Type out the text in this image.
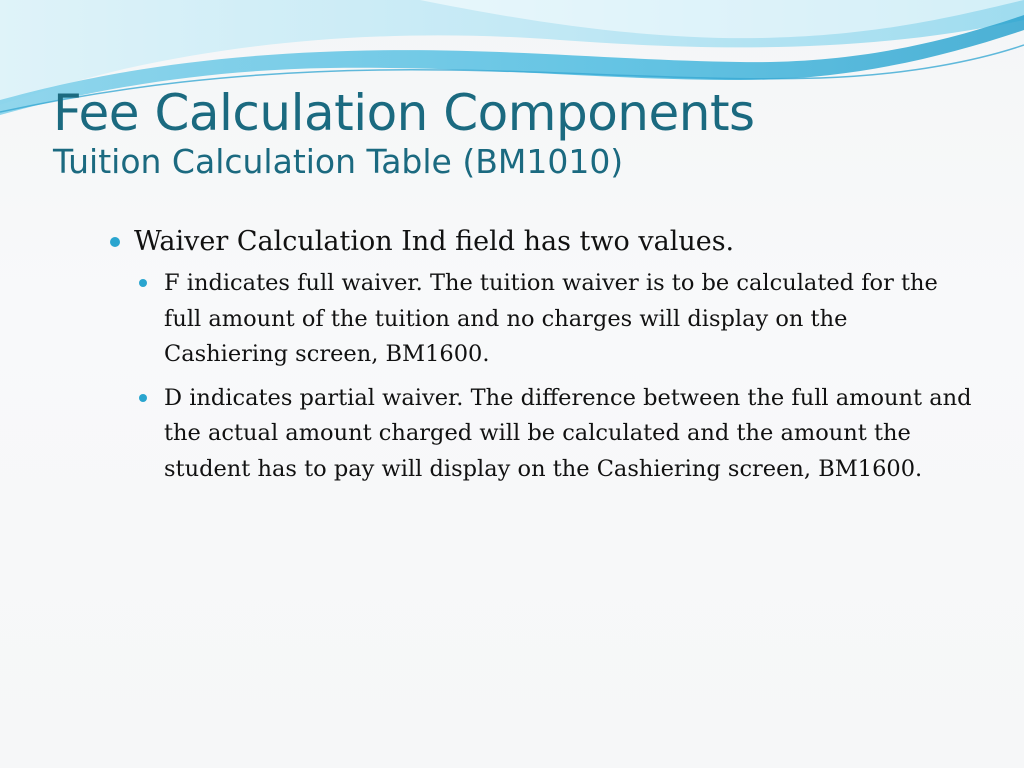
Fee Calculation Components
Tuition Calculation Table (BM1010)
Waiver Calculation Ind field has two values.
F indicates full waiver. The tuition waiver is to be calculated for the full amount of the tuition and no charges will display on the Cashiering screen, BM1600.
D indicates partial waiver. The difference between the full amount and the actual amount charged will be calculated and the amount the student has to pay will display on the Cashiering screen, BM1600.
